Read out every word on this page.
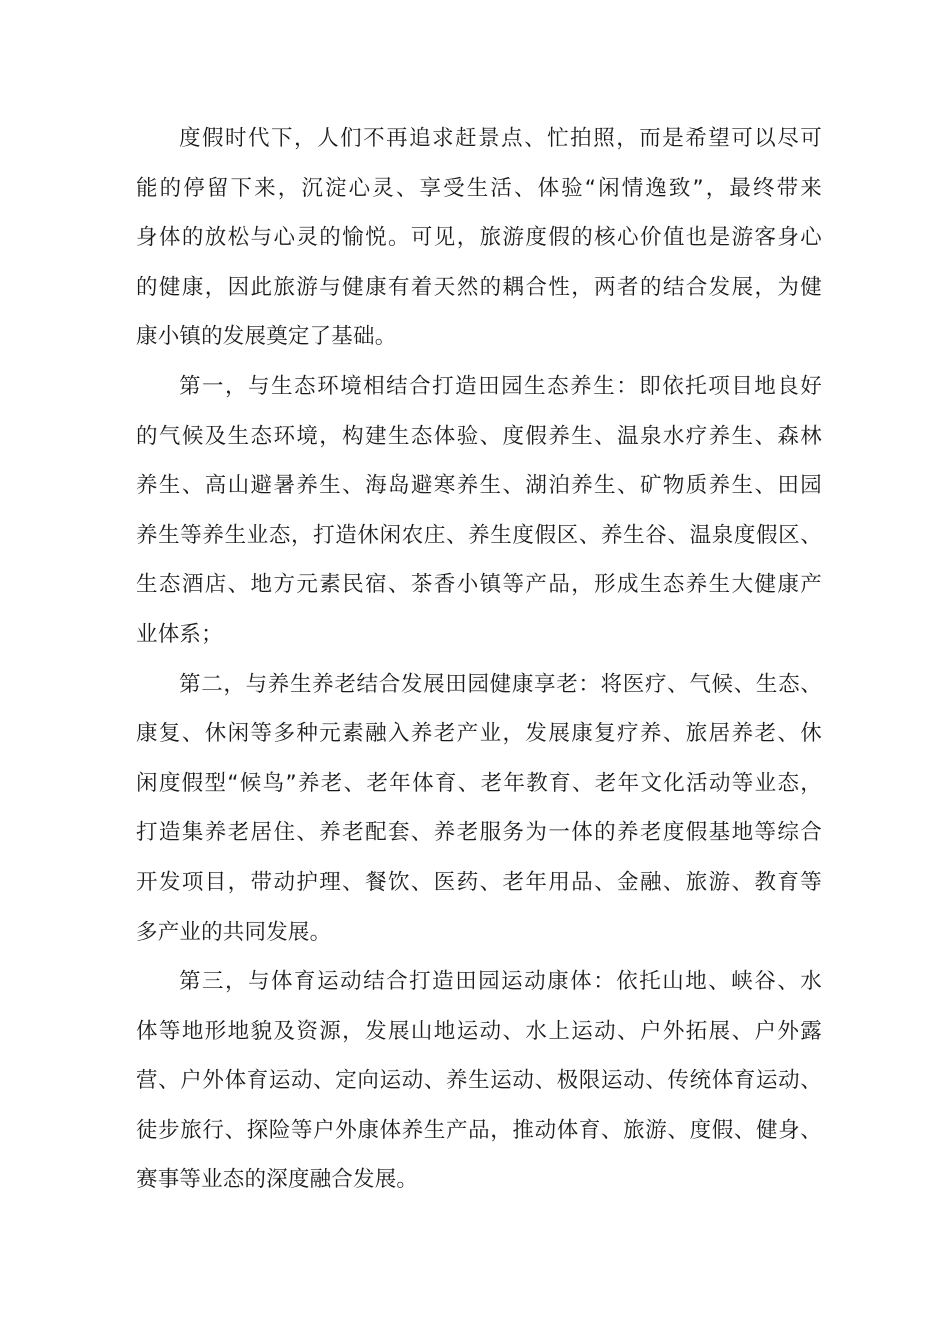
度假时代下，人们不再追求赶景点、忙拍照，而是希望可以尽可
能的停留下来，沉淀心灵、享受生活、体验“闲情逸致”，最终带来
身体的放松与心灵的愉悦。可见，旅游度假的核心价值也是游客身心
的健康，因此旅游与健康有着天然的耦合性，两者的结合发展，为健
康小镇的发展奠定了基础。

第一，与生态环境相结合打造田园生态养生：即依托项目地良好
的气候及生态环境，构建生态体验、度假养生、温泉水疗养生、森林
养生、高山避暑养生、海岛避寒养生、湖泊养生、矿物质养生、田园
养生等养生业态，打造休闲农庄、养生度假区、养生谷、温泉度假区、
生态酒店、地方元素民宿、茶香小镇等产品，形成生态养生大健康产
业体系；

第二，与养生养老结合发展田园健康享老：将医疗、气候、生态、
康复、休闲等多种元素融入养老产业，发展康复疗养、旅居养老、休
闲度假型“候鸟”养老、老年体育、老年教育、老年文化活动等业态，
打造集养老居住、养老配套、养老服务为一体的养老度假基地等综合
开发项目，带动护理、餐饮、医药、老年用品、金融、旅游、教育等
多产业的共同发展。

第三，与体育运动结合打造田园运动康体：依托山地、峡谷、水
体等地形地貌及资源，发展山地运动、水上运动、户外拓展、户外露
营、户外体育运动、定向运动、养生运动、极限运动、传统体育运动、
徒步旅行、探险等户外康体养生产品，推动体育、旅游、度假、健身、
赛事等业态的深度融合发展。
